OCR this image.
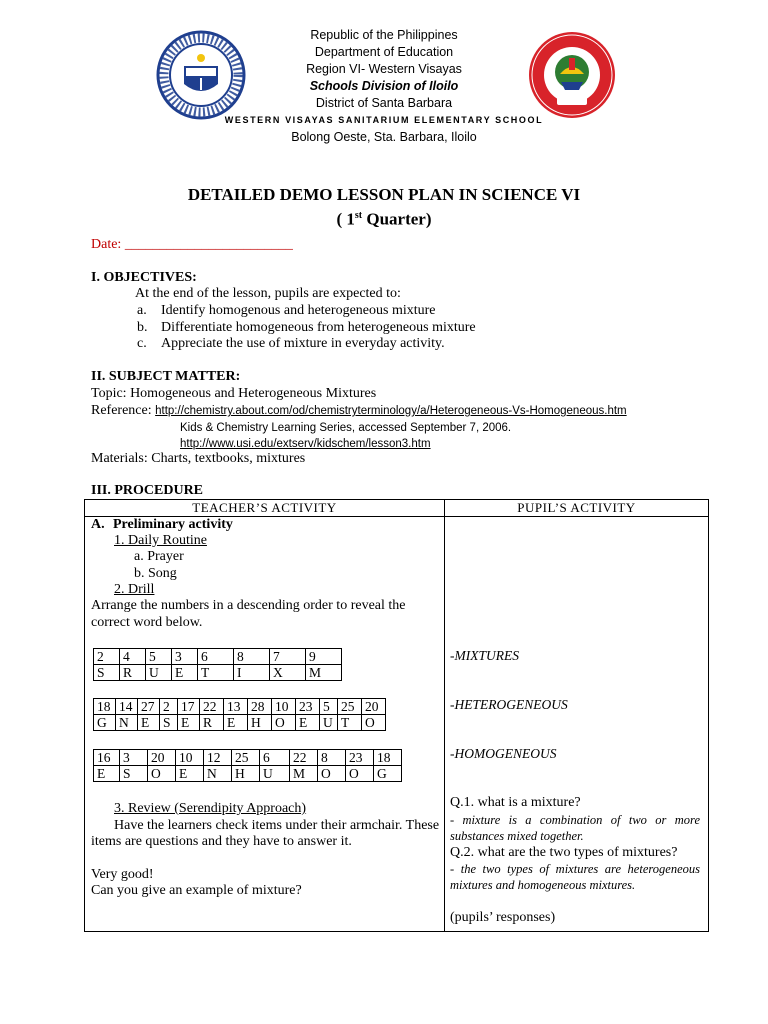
Republic of the Philippines
Department of Education
Region VI- Western Visayas
Schools Division of Iloilo
District of Santa Barbara
WESTERN VISAYAS SANITARIUM ELEMENTARY SCHOOL
Bolong Oeste, Sta. Barbara, Iloilo
DETAILED DEMO LESSON PLAN IN SCIENCE VI
( 1st Quarter)
Date: ________________________
I. OBJECTIVES:
At the end of the lesson, pupils are expected to:
a. Identify homogenous and heterogeneous mixture
b. Differentiate homogeneous from heterogeneous mixture
c. Appreciate the use of mixture in everyday activity.
II. SUBJECT MATTER:
Topic: Homogeneous and Heterogeneous Mixtures
Reference: http://chemistry.about.com/od/chemistryterminology/a/Heterogeneous-Vs-Homogeneous.htm
Kids & Chemistry Learning Series, accessed September 7, 2006.
http://www.usi.edu/extserv/kidschem/lesson3.htm
Materials: Charts, textbooks, mixtures
III. PROCEDURE
TEACHER’S ACTIVITY	PUPIL’S ACTIVITY
A. Preliminary activity
1. Daily Routine
a. Prayer
b. Song
2. Drill
Arrange the numbers in a descending order to reveal the
correct word below.
2	4	5	3	6	8	7	9
S	R	U	E	T	I	X	M
-MIXTURES
18	14	27	2	17	22	13	28	10	23	5	25	20
G	N	E	S	E	R	E	H	O	E	U	T	O
-HETEROGENEOUS
16	3	20	10	12	25	6	22	8	23	18
E	S	O	E	N	H	U	M	O	O	G
-HOMOGENEOUS
3. Review (Serendipity Approach)
Have the learners check items under their armchair. These
items are questions and they have to answer it.
Very good!
Can you give an example of mixture?
Q.1. what is a mixture?
- mixture is a combination of two or more substances mixed together.
Q.2. what are the two types of mixtures?
- the two types of mixtures are heterogeneous mixtures and homogeneous mixtures.
(pupils’ responses)
